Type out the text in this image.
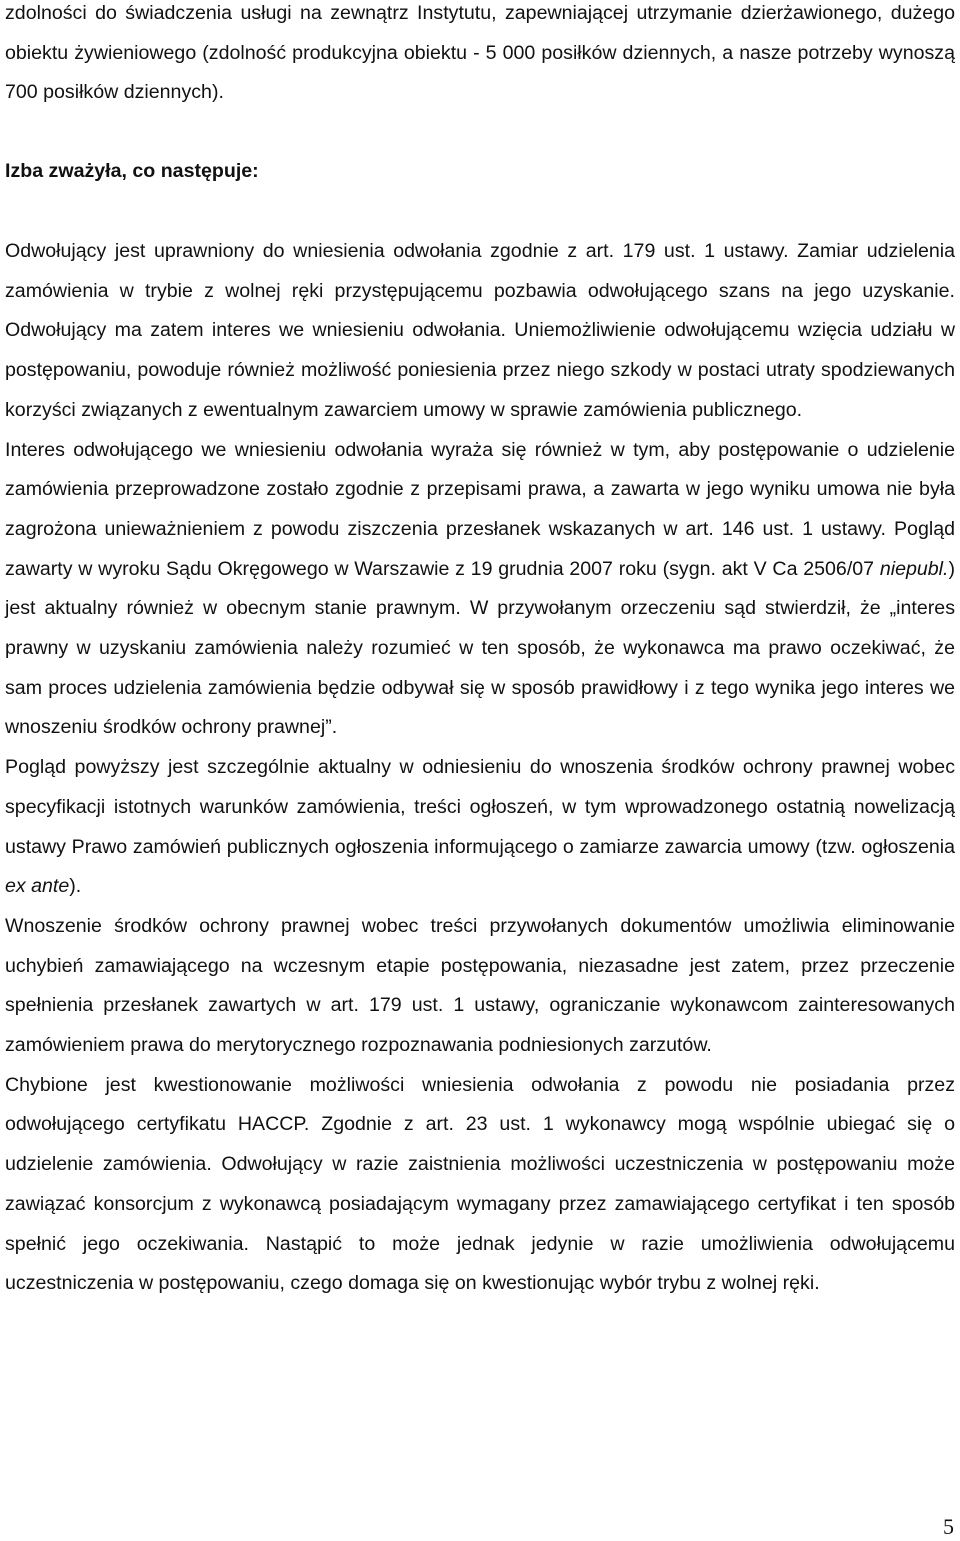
zdolności do świadczenia usługi na zewnątrz Instytutu, zapewniającej utrzymanie dzierżawionego, dużego obiektu żywieniowego (zdolność produkcyjna obiektu - 5 000 posiłków dziennych, a nasze potrzeby wynoszą 700 posiłków dziennych).

Izba zważyła, co następuje:

Odwołujący jest uprawniony do wniesienia odwołania zgodnie z art. 179 ust. 1 ustawy. Zamiar udzielenia zamówienia w trybie z wolnej ręki przystępującemu pozbawia odwołującego szans na jego uzyskanie. Odwołujący ma zatem interes we wniesieniu odwołania. Uniemożliwienie odwołującemu wzięcia udziału w postępowaniu, powoduje również możliwość poniesienia przez niego szkody w postaci utraty spodziewanych korzyści związanych z ewentualnym zawarciem umowy w sprawie zamówienia publicznego.

Interes odwołującego we wniesieniu odwołania wyraża się również w tym, aby postępowanie o udzielenie zamówienia przeprowadzone zostało zgodnie z przepisami prawa, a zawarta w jego wyniku umowa nie była zagrożona unieważnieniem z powodu ziszczenia przesłanek wskazanych w art. 146 ust. 1 ustawy. Pogląd zawarty w wyroku Sądu Okręgowego w Warszawie z 19 grudnia 2007 roku (sygn. akt V Ca 2506/07 niepubl.) jest aktualny również w obecnym stanie prawnym. W przywołanym orzeczeniu sąd stwierdził, że „interes prawny w uzyskaniu zamówienia należy rozumieć w ten sposób, że wykonawca ma prawo oczekiwać, że sam proces udzielenia zamówienia będzie odbywał się w sposób prawidłowy i z tego wynika jego interes we wnoszeniu środków ochrony prawnej”.

Pogląd powyższy jest szczególnie aktualny w odniesieniu do wnoszenia środków ochrony prawnej wobec specyfikacji istotnych warunków zamówienia, treści ogłoszeń, w tym wprowadzonego ostatnią nowelizacją ustawy Prawo zamówień publicznych ogłoszenia informującego o zamiarze zawarcia umowy (tzw. ogłoszenia ex ante).

Wnoszenie środków ochrony prawnej wobec treści przywołanych dokumentów umożliwia eliminowanie uchybień zamawiającego na wczesnym etapie postępowania, niezasadne jest zatem, przez przeczenie spełnienia przesłanek zawartych w art. 179 ust. 1 ustawy, ograniczanie wykonawcom zainteresowanych zamówieniem prawa do merytorycznego rozpoznawania podniesionych zarzutów.

Chybione jest kwestionowanie możliwości wniesienia odwołania z powodu nie posiadania przez odwołującego certyfikatu HACCP. Zgodnie z art. 23 ust. 1 wykonawcy mogą wspólnie ubiegać się o udzielenie zamówienia. Odwołujący w razie zaistnienia możliwości uczestniczenia w postępowaniu może zawiązać konsorcjum z wykonawcą posiadającym wymagany przez zamawiającego certyfikat i ten sposób spełnić jego oczekiwania. Nastąpić to może jednak jedynie w razie umożliwienia odwołującemu uczestniczenia w postępowaniu, czego domaga się on kwestionując wybór trybu z wolnej ręki.

5
